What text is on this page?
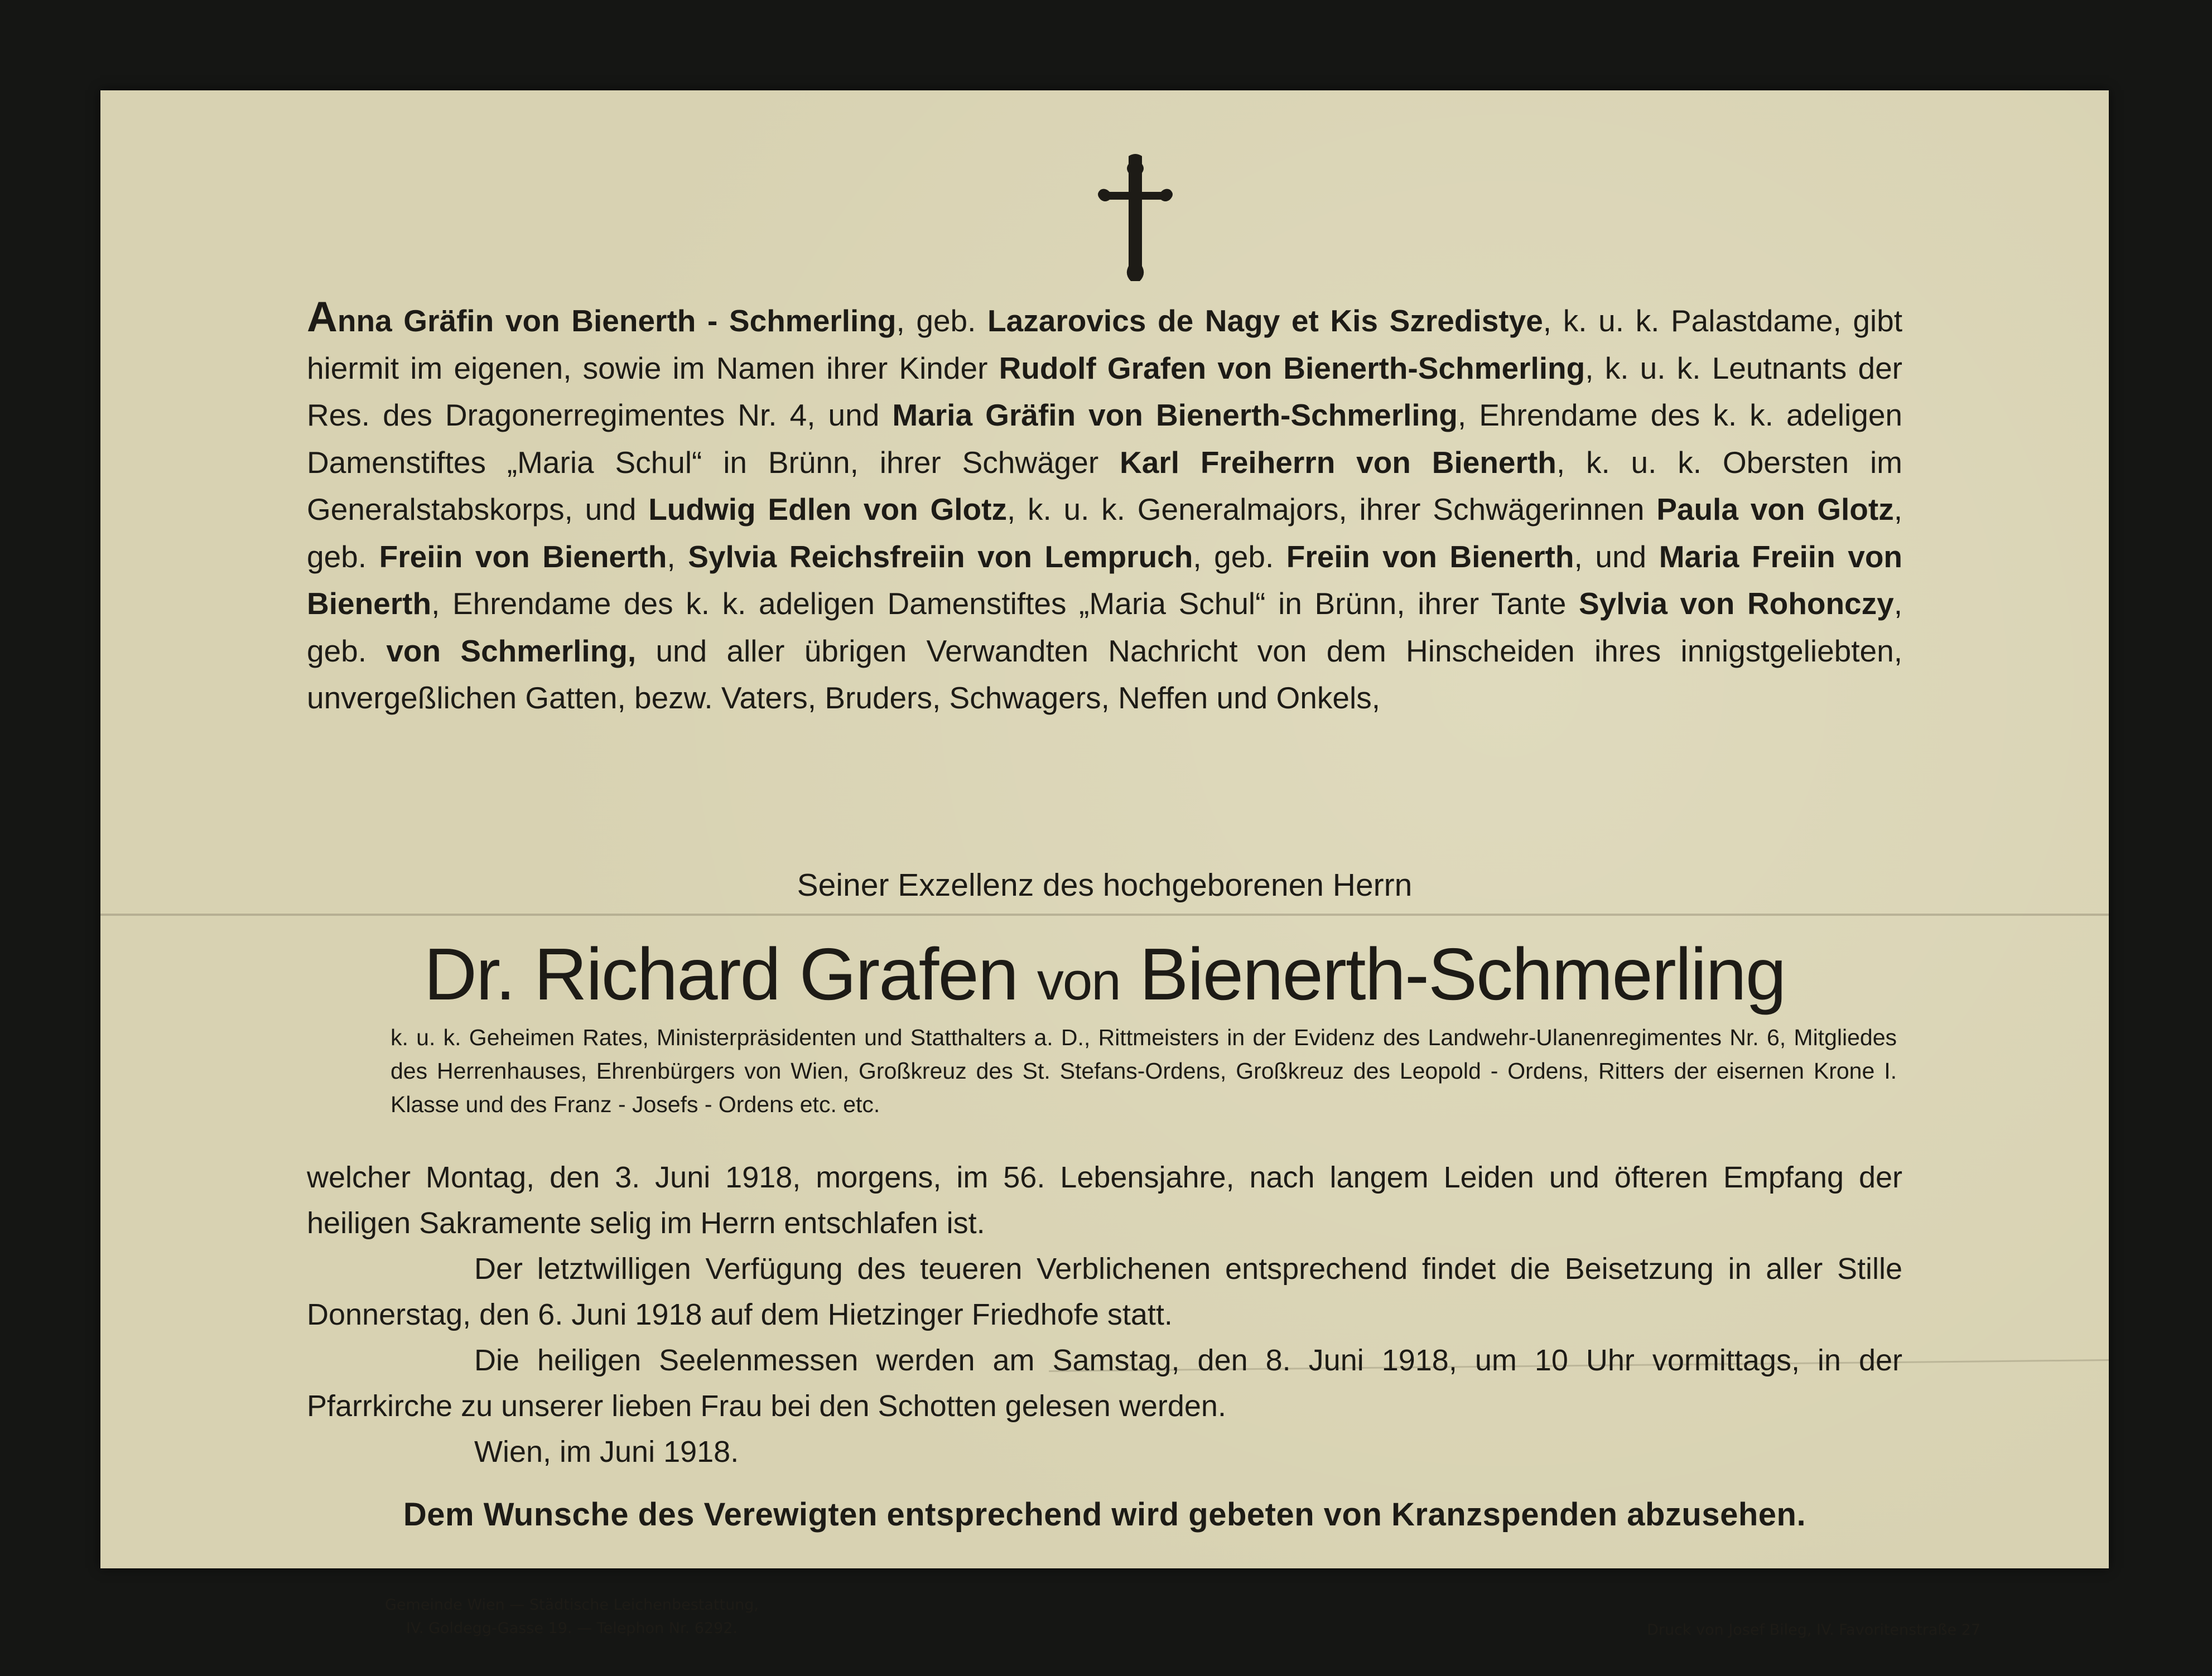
Anna Gräfin von Bienerth - Schmerling, geb. Lazarovics de Nagy et Kis Szredistye, k. u. k. Palastdame, gibt hiermit im eigenen, sowie im Namen ihrer Kinder Rudolf Grafen von Bienerth-Schmerling, k. u. k. Leutnants der Res. des Dragonerregimentes Nr. 4, und Maria Gräfin von Bienerth-Schmerling, Ehrendame des k. k. adeligen Damenstiftes „Maria Schul“ in Brünn, ihrer Schwäger Karl Freiherrn von Bienerth, k. u. k. Obersten im Generalstabskorps, und Ludwig Edlen von Glotz, k. u. k. Generalmajors, ihrer Schwägerinnen Paula von Glotz, geb. Freiin von Bienerth, Sylvia Reichsfreiin von Lempruch, geb. Freiin von Bienerth, und Maria Freiin von Bienerth, Ehrendame des k. k. adeligen Damenstiftes „Maria Schul“ in Brünn, ihrer Tante Sylvia von Rohonczy, geb. von Schmerling, und aller übrigen Verwandten Nachricht von dem Hinscheiden ihres innigstgeliebten, unvergeßlichen Gatten, bezw. Vaters, Bruders, Schwagers, Neffen und Onkels,
Seiner Exzellenz des hochgeborenen Herrn
Dr. Richard Grafen von Bienerth-Schmerling
k. u. k. Geheimen Rates, Ministerpräsidenten und Statthalters a. D., Rittmeisters in der Evidenz des Landwehr-Ulanenregimentes Nr. 6, Mitgliedes des Herrenhauses, Ehrenbürgers von Wien, Großkreuz des St. Stefans-Ordens, Großkreuz des Leopold - Ordens, Ritters der eisernen Krone I. Klasse und des Franz - Josefs - Ordens etc. etc.

welcher Montag, den 3. Juni 1918, morgens, im 56. Lebensjahre, nach langem Leiden und öfteren Empfang der heiligen Sakramente selig im Herrn entschlafen ist.

Der letztwilligen Verfügung des teueren Verblichenen entsprechend findet die Beisetzung in aller Stille Donnerstag, den 6. Juni 1918 auf dem Hietzinger Friedhofe statt.

Die heiligen Seelenmessen werden am Samstag, den 8. Juni 1918, um 10 Uhr vormittags, in der Pfarrkirche zu unserer lieben Frau bei den Schotten gelesen werden.

Wien, im Juni 1918.

Dem Wunsche des Verewigten entsprechend wird gebeten von Kranzspenden abzusehen.
Gemeinde Wien — Städtische Leichenbestattung,
IV. Goldegg-Gasse 19. — Telephon Nr. 6292.	Druck von Josef Bileg, IV. Favoritenstraße 27
